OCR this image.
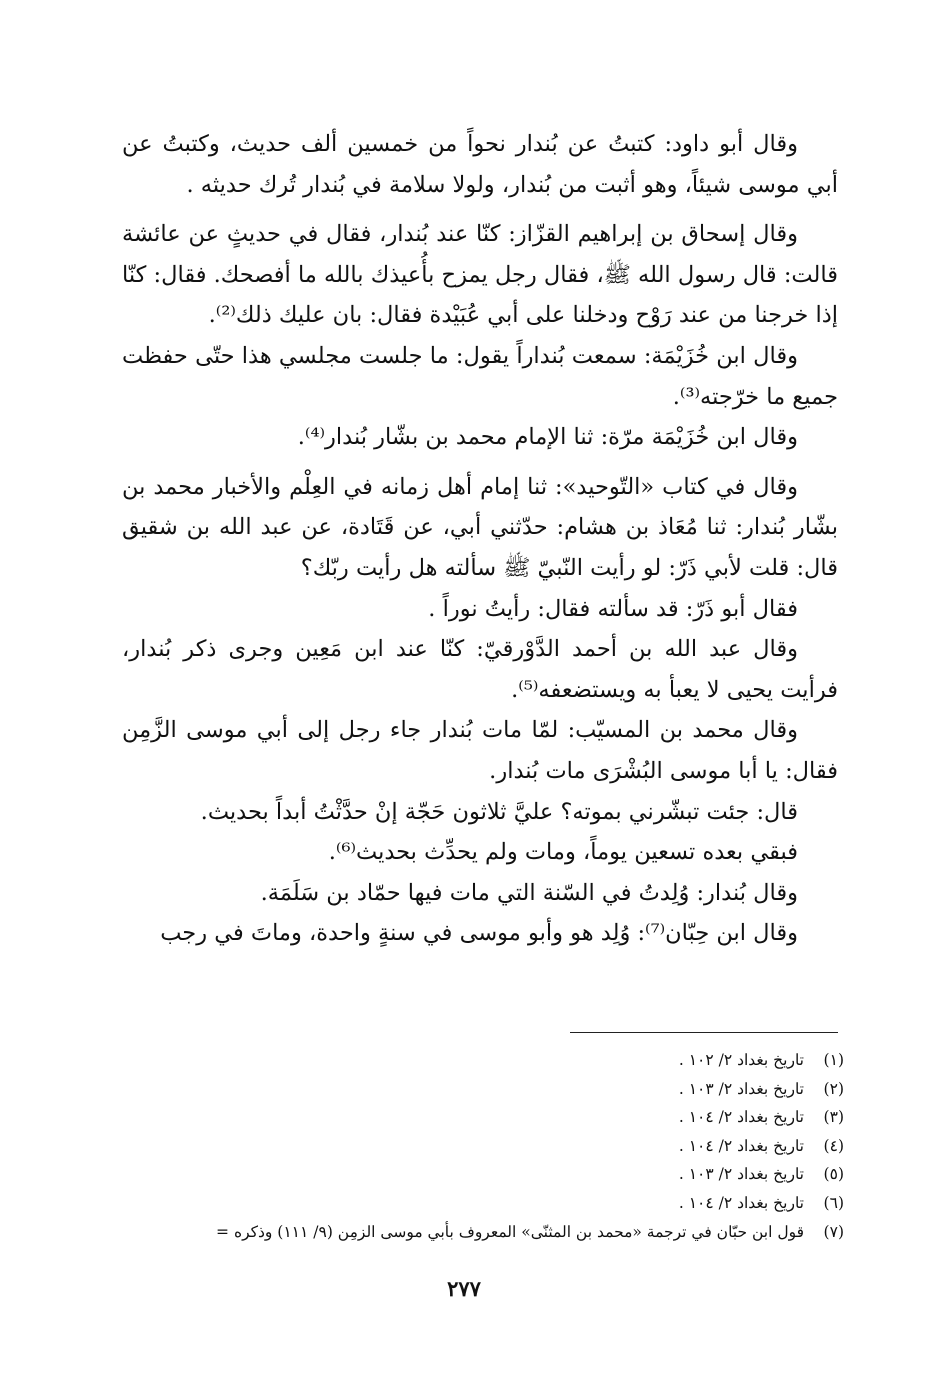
وقال أبو داود: كتبتُ عن بُندار نحواً من خمسين ألف حديث، وكتبتُ عن أبي موسى شيئاً، وهو أثبت من بُندار، ولولا سلامة في بُندار تُرك حديثه .

وقال إسحاق بن إبراهيم القزّاز: كنّا عند بُندار، فقال في حديثٍ عن عائشة قالت: قال رسول الله ﷺ، فقال رجل يمزح بأُعيذك بالله ما أفصحك. فقال: كنّا إذا خرجنا من عند رَوْح ودخلنا على أبي عُبَيْدة فقال: بان عليك ذلك⁽²⁾.

وقال ابن خُزَيْمَة: سمعت بُنداراً يقول: ما جلست مجلسي هذا حتّى حفظت جميع ما خرّجته⁽³⁾.

وقال ابن خُزَيْمَة مرّة: ثنا الإمام محمد بن بشّار بُندار⁽⁴⁾.

وقال في كتاب «التّوحيد»: ثنا إمام أهل زمانه في العِلْم والأخبار محمد بن بشّار بُندار: ثنا مُعَاذ بن هشام: حدّثني أبي، عن قَتَادة، عن عبد الله بن شقيق قال: قلت لأبي ذَرّ: لو رأيت النّبيّ ﷺ سألته هل رأيت ربّك؟

فقال أبو ذَرّ: قد سألته فقال: رأيتُ نوراً .

وقال عبد الله بن أحمد الدَّوْرقيّ: كنّا عند ابن مَعِين وجرى ذكر بُندار، فرأيت يحيى لا يعبأ به ويستضعفه⁽⁵⁾.

وقال محمد بن المسيّب: لمّا مات بُندار جاء رجل إلى أبي موسى الزَّمِن فقال: يا أبا موسى البُشْرَى مات بُندار.

قال: جئت تبشّرني بموته؟ عليَّ ثلاثون حَجّة إنْ حدَّثْتُ أبداً بحديث.

فبقي بعده تسعين يوماً، ومات ولم يحدِّث بحديث⁽⁶⁾.

وقال بُندار: وُلِدتُ في السّنة التي مات فيها حمّاد بن سَلَمَة.

وقال ابن حِبّان⁽⁷⁾: وُلِد هو وأبو موسى في سنةٍ واحدة، وماتَ في رجب

(١)
تاريخ بغداد ٢/ ١٠٢ .
(٢)
تاريخ بغداد ٢/ ١٠٣ .
(٣)
تاريخ بغداد ٢/ ١٠٤ .
(٤)
تاريخ بغداد ٢/ ١٠٤ .
(٥)
تاريخ بغداد ٢/ ١٠٣ .
(٦)
تاريخ بغداد ٢/ ١٠٤ .
(٧)
قول ابن حبّان في ترجمة «محمد بن المثنّى» المعروف بأبي موسى الزمِن (٩/ ١١١) وذكره =
٢٧٧
